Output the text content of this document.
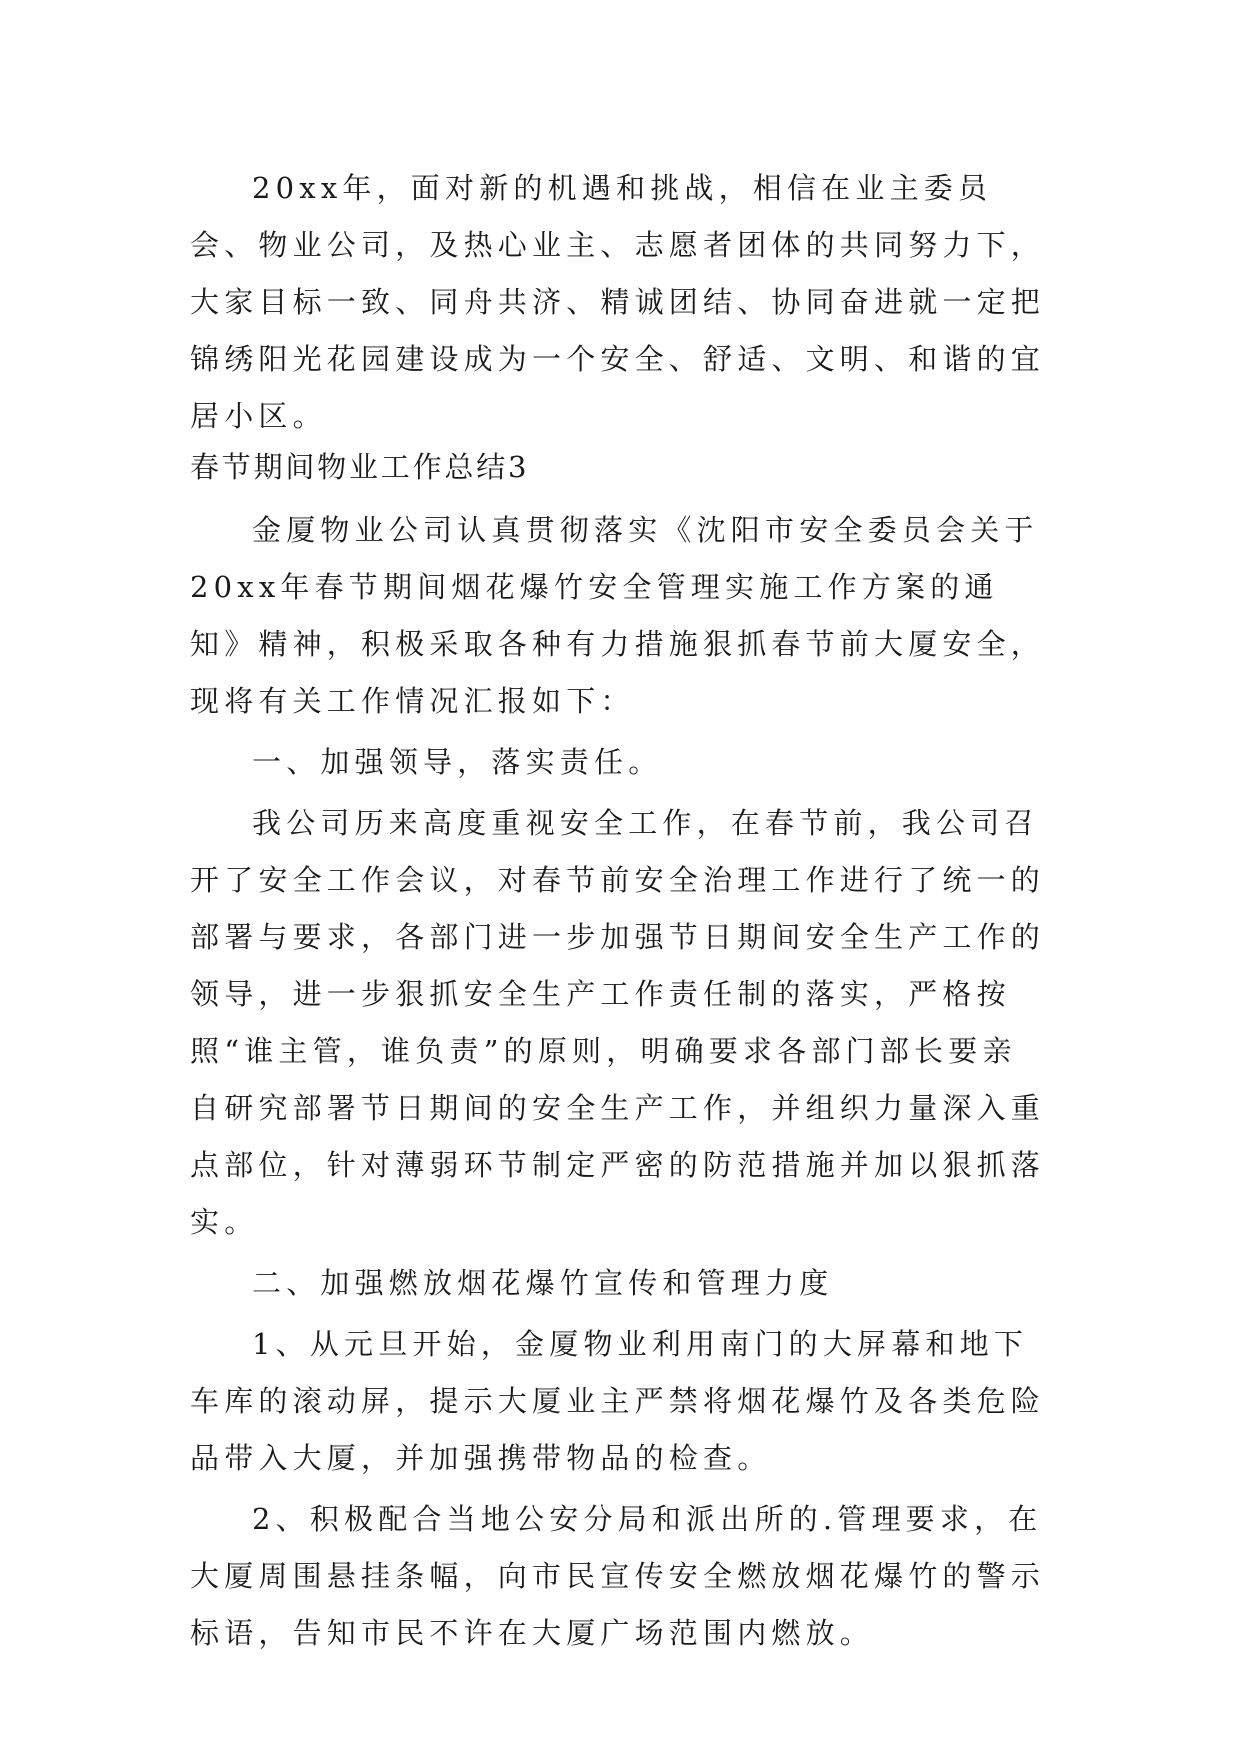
20xx年，面对新的机遇和挑战，相信在业主委员会、物业公司，及热心业主、志愿者团体的共同努力下，大家目标一致、同舟共济、精诚团结、协同奋进就一定把锦绣阳光花园建设成为一个安全、舒适、文明、和谐的宜居小区。

春节期间物业工作总结3

金厦物业公司认真贯彻落实《沈阳市安全委员会关于20xx年春节期间烟花爆竹安全管理实施工作方案的通知》精神，积极采取各种有力措施狠抓春节前大厦安全，现将有关工作情况汇报如下：

一、加强领导，落实责任。

我公司历来高度重视安全工作，在春节前，我公司召开了安全工作会议，对春节前安全治理工作进行了统一的部署与要求，各部门进一步加强节日期间安全生产工作的领导，进一步狠抓安全生产工作责任制的落实，严格按照“谁主管，谁负责”的原则，明确要求各部门部长要亲自研究部署节日期间的安全生产工作，并组织力量深入重点部位，针对薄弱环节制定严密的防范措施并加以狠抓落实。

二、加强燃放烟花爆竹宣传和管理力度

1、从元旦开始，金厦物业利用南门的大屏幕和地下车库的滚动屏，提示大厦业主严禁将烟花爆竹及各类危险品带入大厦，并加强携带物品的检查。

2、积极配合当地公安分局和派出所的.管理要求，在大厦周围悬挂条幅，向市民宣传安全燃放烟花爆竹的警示标语，告知市民不许在大厦广场范围内燃放。
